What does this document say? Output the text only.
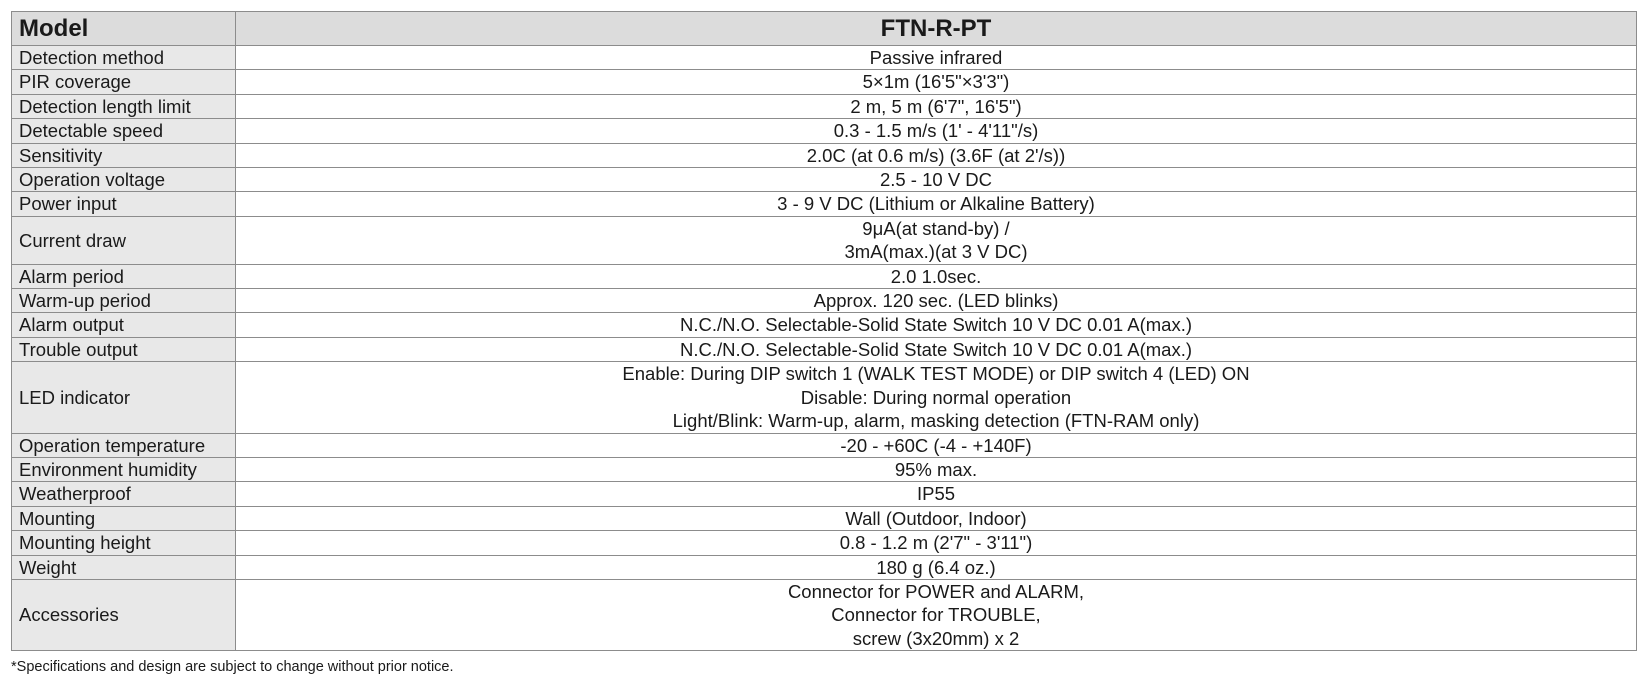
Model	FTN-R-PT
Detection method	Passive infrared
PIR coverage	5×1m (16'5"×3'3")
Detection length limit	2 m, 5 m (6'7", 16'5")
Detectable speed	0.3 - 1.5 m/s (1' - 4'11"/s)
Sensitivity	2.0C (at 0.6 m/s) (3.6F (at 2'/s))
Operation voltage	2.5 - 10 V DC
Power input	3 - 9 V DC (Lithium or Alkaline Battery)
Current draw	9μA(at stand-by) /
3mA(max.)(at 3 V DC)
Alarm period	2.0 1.0sec.
Warm-up period	Approx. 120 sec. (LED blinks)
Alarm output	N.C./N.O. Selectable-Solid State Switch 10 V DC 0.01 A(max.)
Trouble output	N.C./N.O. Selectable-Solid State Switch 10 V DC 0.01 A(max.)
LED indicator	Enable: During DIP switch 1 (WALK TEST MODE) or DIP switch 4 (LED) ON
Disable: During normal operation
Light/Blink: Warm-up, alarm, masking detection (FTN-RAM only)
Operation temperature	-20 - +60C (-4 - +140F)
Environment humidity	95% max.
Weatherproof	IP55
Mounting	Wall (Outdoor, Indoor)
Mounting height	0.8 - 1.2 m (2'7" - 3'11")
Weight	180 g (6.4 oz.)
Accessories	Connector for POWER and ALARM,
Connector for TROUBLE,
screw (3x20mm) x 2
*Specifications and design are subject to change without prior notice.
